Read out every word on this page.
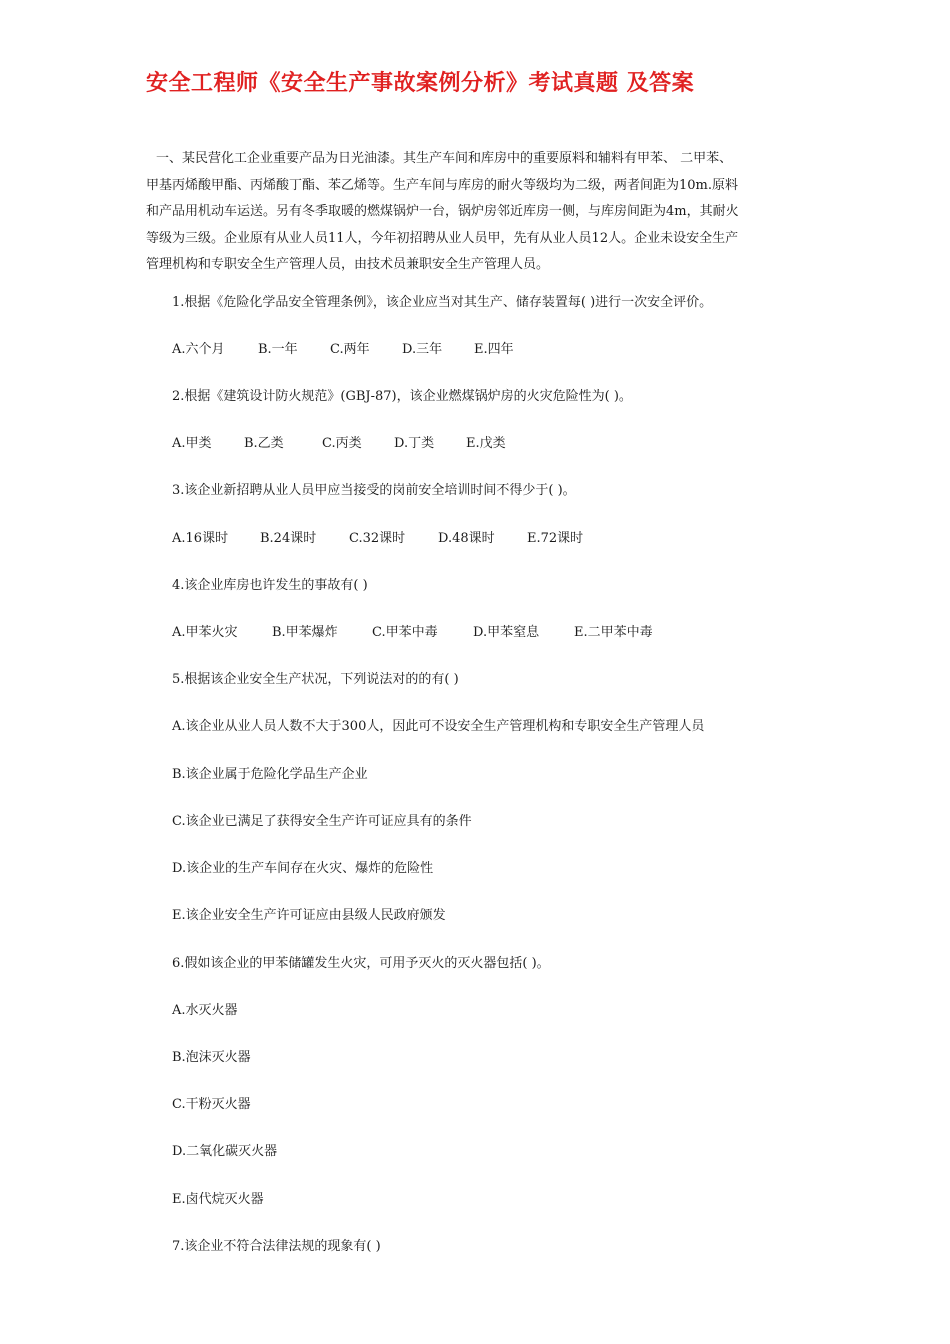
安全工程师《安全生产事故案例分析》考试真题 及答案
一、某民营化工企业重要产品为日光油漆。其生产车间和库房中的重要原料和辅料有甲苯、 二甲苯、
甲基丙烯酸甲酯、丙烯酸丁酯、苯乙烯等。生产车间与库房的耐火等级均为二级，两者间距为10m.原料
和产品用机动车运送。另有冬季取暖的燃煤锅炉一台，锅炉房邻近库房一侧，与库房间距为4m，其耐火
等级为三级。企业原有从业人员11人，今年初招聘从业人员甲，先有从业人员12人。企业未设安全生产
管理机构和专职安全生产管理人员，由技术员兼职安全生产管理人员。

1.根据《危险化学品安全管理条例》，该企业应当对其生产、储存装置每( )进行一次安全评价。

A.六个月	B.一年 C.两年 D.三年 E.四年

2.根据《建筑设计防火规范》(GBJ-87)，该企业燃煤锅炉房的火灾危险性为( )。

A.甲类 B.乙类	C.丙类 D.丁类 E.戊类

3.该企业新招聘从业人员甲应当接受的岗前安全培训时间不得少于( )。

A.16课时 B.24课时	C.32课时	D.48课时 E.72课时

4.该企业库房也许发生的事故有( )

A.甲苯火灾	B.甲苯爆炸	C.甲苯中毒	D.甲苯窒息	E.二甲苯中毒

5.根据该企业安全生产状况，下列说法对的的有( )

A.该企业从业人员人数不大于300人，因此可不设安全生产管理机构和专职安全生产管理人员

B.该企业属于危险化学品生产企业

C.该企业已满足了获得安全生产许可证应具有的条件

D.该企业的生产车间存在火灾、爆炸的危险性

E.该企业安全生产许可证应由县级人民政府颁发

6.假如该企业的甲苯储罐发生火灾，可用予灭火的灭火器包括( )。

A.水灭火器

B.泡沫灭火器

C.干粉灭火器

D.二氧化碳灭火器

E.卤代烷灭火器

7.该企业不符合法律法规的现象有( )
